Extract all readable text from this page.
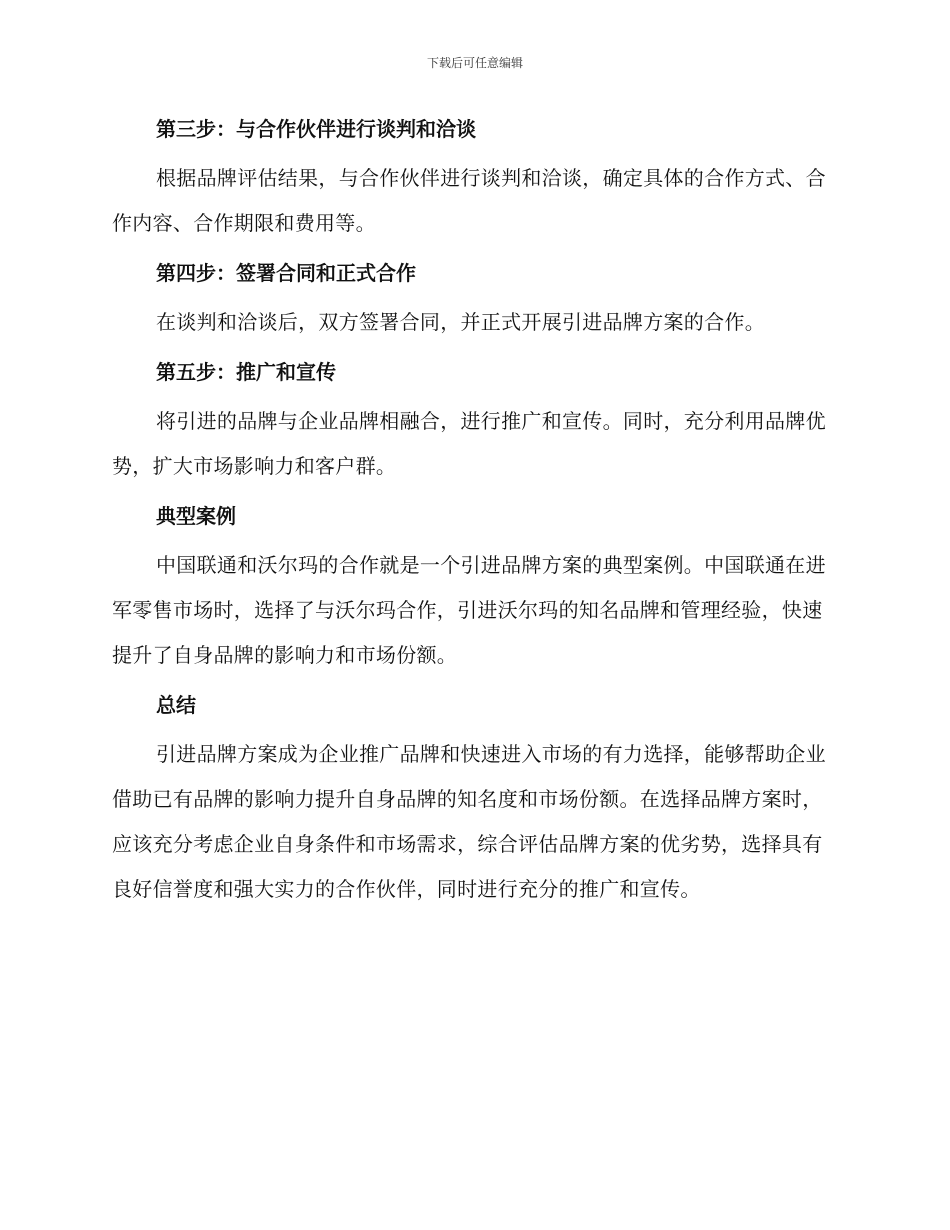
下载后可任意编辑
第三步：与合作伙伴进行谈判和洽谈
根据品牌评估结果，与合作伙伴进行谈判和洽谈，确定具体的合作方式、合作内容、合作期限和费用等。
第四步：签署合同和正式合作
在谈判和洽谈后，双方签署合同，并正式开展引进品牌方案的合作。
第五步：推广和宣传
将引进的品牌与企业品牌相融合，进行推广和宣传。同时，充分利用品牌优势，扩大市场影响力和客户群。
典型案例
中国联通和沃尔玛的合作就是一个引进品牌方案的典型案例。中国联通在进军零售市场时，选择了与沃尔玛合作，引进沃尔玛的知名品牌和管理经验，快速提升了自身品牌的影响力和市场份额。
总结
引进品牌方案成为企业推广品牌和快速进入市场的有力选择，能够帮助企业借助已有品牌的影响力提升自身品牌的知名度和市场份额。在选择品牌方案时，应该充分考虑企业自身条件和市场需求，综合评估品牌方案的优劣势，选择具有良好信誉度和强大实力的合作伙伴，同时进行充分的推广和宣传。
